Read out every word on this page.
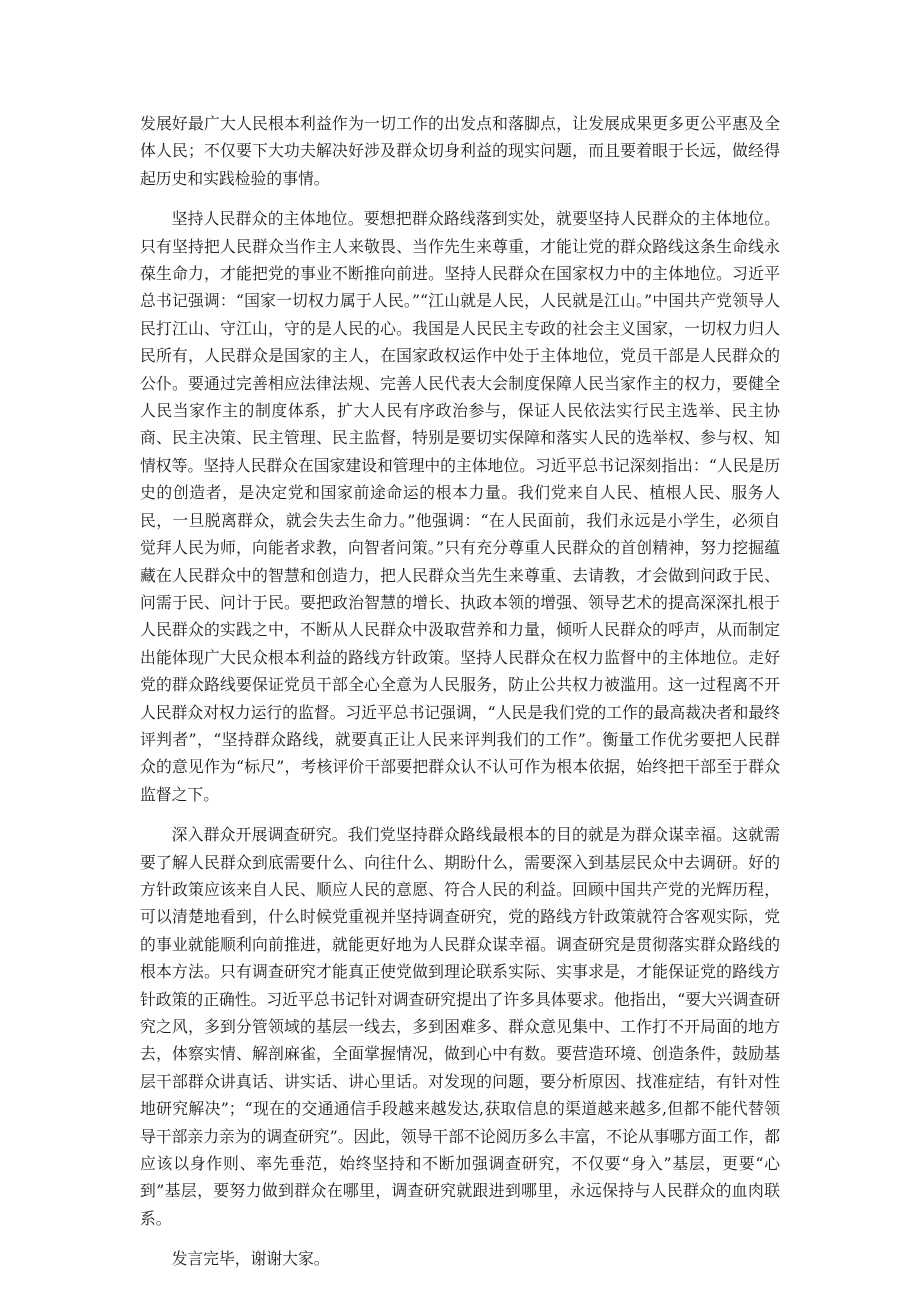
发展好最广大人民根本利益作为一切工作的出发点和落脚点，让发展成果更多更公平惠及全体人民；不仅要下大功夫解决好涉及群众切身利益的现实问题，而且要着眼于长远，做经得起历史和实践检验的事情。

坚持人民群众的主体地位。要想把群众路线落到实处，就要坚持人民群众的主体地位。只有坚持把人民群众当作主人来敬畏、当作先生来尊重，才能让党的群众路线这条生命线永葆生命力，才能把党的事业不断推向前进。坚持人民群众在国家权力中的主体地位。习近平总书记强调：“国家一切权力属于人民。”“江山就是人民，人民就是江山。”中国共产党领导人民打江山、守江山，守的是人民的心。我国是人民民主专政的社会主义国家，一切权力归人民所有，人民群众是国家的主人，在国家政权运作中处于主体地位，党员干部是人民群众的公仆。要通过完善相应法律法规、完善人民代表大会制度保障人民当家作主的权力，要健全人民当家作主的制度体系，扩大人民有序政治参与，保证人民依法实行民主选举、民主协商、民主决策、民主管理、民主监督，特别是要切实保障和落实人民的选举权、参与权、知情权等。坚持人民群众在国家建设和管理中的主体地位。习近平总书记深刻指出：“人民是历史的创造者，是决定党和国家前途命运的根本力量。我们党来自人民、植根人民、服务人民，一旦脱离群众，就会失去生命力。”他强调：“在人民面前，我们永远是小学生，必须自觉拜人民为师，向能者求教，向智者问策。”只有充分尊重人民群众的首创精神，努力挖掘蕴藏在人民群众中的智慧和创造力，把人民群众当先生来尊重、去请教，才会做到问政于民、问需于民、问计于民。要把政治智慧的增长、执政本领的增强、领导艺术的提高深深扎根于人民群众的实践之中，不断从人民群众中汲取营养和力量，倾听人民群众的呼声，从而制定出能体现广大民众根本利益的路线方针政策。坚持人民群众在权力监督中的主体地位。走好党的群众路线要保证党员干部全心全意为人民服务，防止公共权力被滥用。这一过程离不开人民群众对权力运行的监督。习近平总书记强调，“人民是我们党的工作的最高裁决者和最终评判者”，“坚持群众路线，就要真正让人民来评判我们的工作”。衡量工作优劣要把人民群众的意见作为“标尺”，考核评价干部要把群众认不认可作为根本依据，始终把干部至于群众监督之下。

深入群众开展调查研究。我们党坚持群众路线最根本的目的就是为群众谋幸福。这就需要了解人民群众到底需要什么、向往什么、期盼什么，需要深入到基层民众中去调研。好的方针政策应该来自人民、顺应人民的意愿、符合人民的利益。回顾中国共产党的光辉历程，可以清楚地看到，什么时候党重视并坚持调查研究，党的路线方针政策就符合客观实际，党的事业就能顺利向前推进，就能更好地为人民群众谋幸福。调查研究是贯彻落实群众路线的根本方法。只有调查研究才能真正使党做到理论联系实际、实事求是，才能保证党的路线方针政策的正确性。习近平总书记针对调查研究提出了许多具体要求。他指出，“要大兴调查研究之风，多到分管领域的基层一线去，多到困难多、群众意见集中、工作打不开局面的地方去，体察实情、解剖麻雀，全面掌握情况，做到心中有数。要营造环境、创造条件，鼓励基层干部群众讲真话、讲实话、讲心里话。对发现的问题，要分析原因、找准症结，有针对性地研究解决”；“现在的交通通信手段越来越发达,获取信息的渠道越来越多,但都不能代替领导干部亲力亲为的调查研究”。因此，领导干部不论阅历多么丰富，不论从事哪方面工作，都应该以身作则、率先垂范，始终坚持和不断加强调查研究，不仅要“身入”基层，更要“心到”基层，要努力做到群众在哪里，调查研究就跟进到哪里，永远保持与人民群众的血肉联系。

发言完毕，谢谢大家。
